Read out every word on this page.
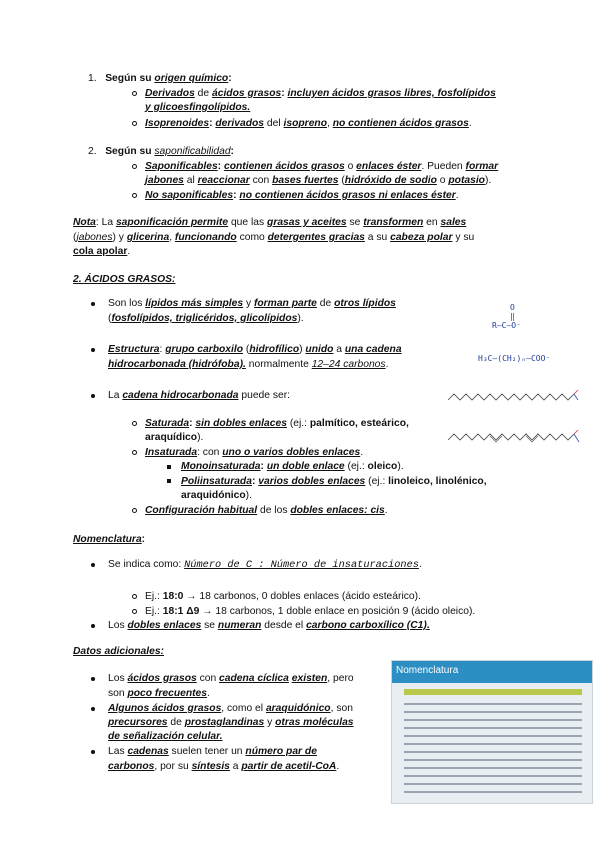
1. Según su origen químico:
Derivados de ácidos grasos: incluyen ácidos grasos libres, fosfolípidos
y glicoesfingolípidos.
Isoprenoides: derivados del isopreno, no contienen ácidos grasos.
2. Según su saponificabilidad:
Saponificables: contienen ácidos grasos o enlaces éster. Pueden formar
jabones al reaccionar con bases fuertes (hidróxido de sodio o potasio).
No saponificables: no contienen ácidos grasos ni enlaces éster.
Nota: La saponificación permite que las grasas y aceites se transformen en sales
(jabones) y glicerina, funcionando como detergentes gracias a su cabeza polar y su
cola apolar.
2. ÁCIDOS GRASOS:
Son los lípidos más simples y forman parte de otros lípidos
(fosfolípidos, triglicéridos, glicolípidos).
O
‖
R—C—O⁻
Estructura: grupo carboxilo (hidrofílico) unido a una cadena
hidrocarbonada (hidrófoba). normalmente 12–24 carbonos.
H₃C–(CH₂)ₙ–COO⁻
La cadena hidrocarbonada puede ser:
Saturada: sin dobles enlaces (ej.: palmítico, esteárico,
araquídico).
Insaturada: con uno o varios dobles enlaces.
Monoinsaturada: un doble enlace (ej.: oleico).
Poliinsaturada: varios dobles enlaces (ej.: linoleico, linolénico,
araquidónico).
Configuración habitual de los dobles enlaces: cis.
Nomenclatura:
Se indica como: Número de C : Número de insaturaciones.
Ej.: 18:0 → 18 carbonos, 0 dobles enlaces (ácido esteárico).
Ej.: 18:1 Δ9 → 18 carbonos, 1 doble enlace en posición 9 (ácido oleico).
Los dobles enlaces se numeran desde el carbono carboxílico (C1).
Datos adicionales:
Los ácidos grasos con cadena cíclica existen, pero
son poco frecuentes.
Algunos ácidos grasos, como el araquidónico, son
precursores de prostaglandinas y otras moléculas
de señalización celular.
Las cadenas suelen tener un número par de
carbonos, por su síntesis a partir de acetil-CoA.
Nomenclatura
